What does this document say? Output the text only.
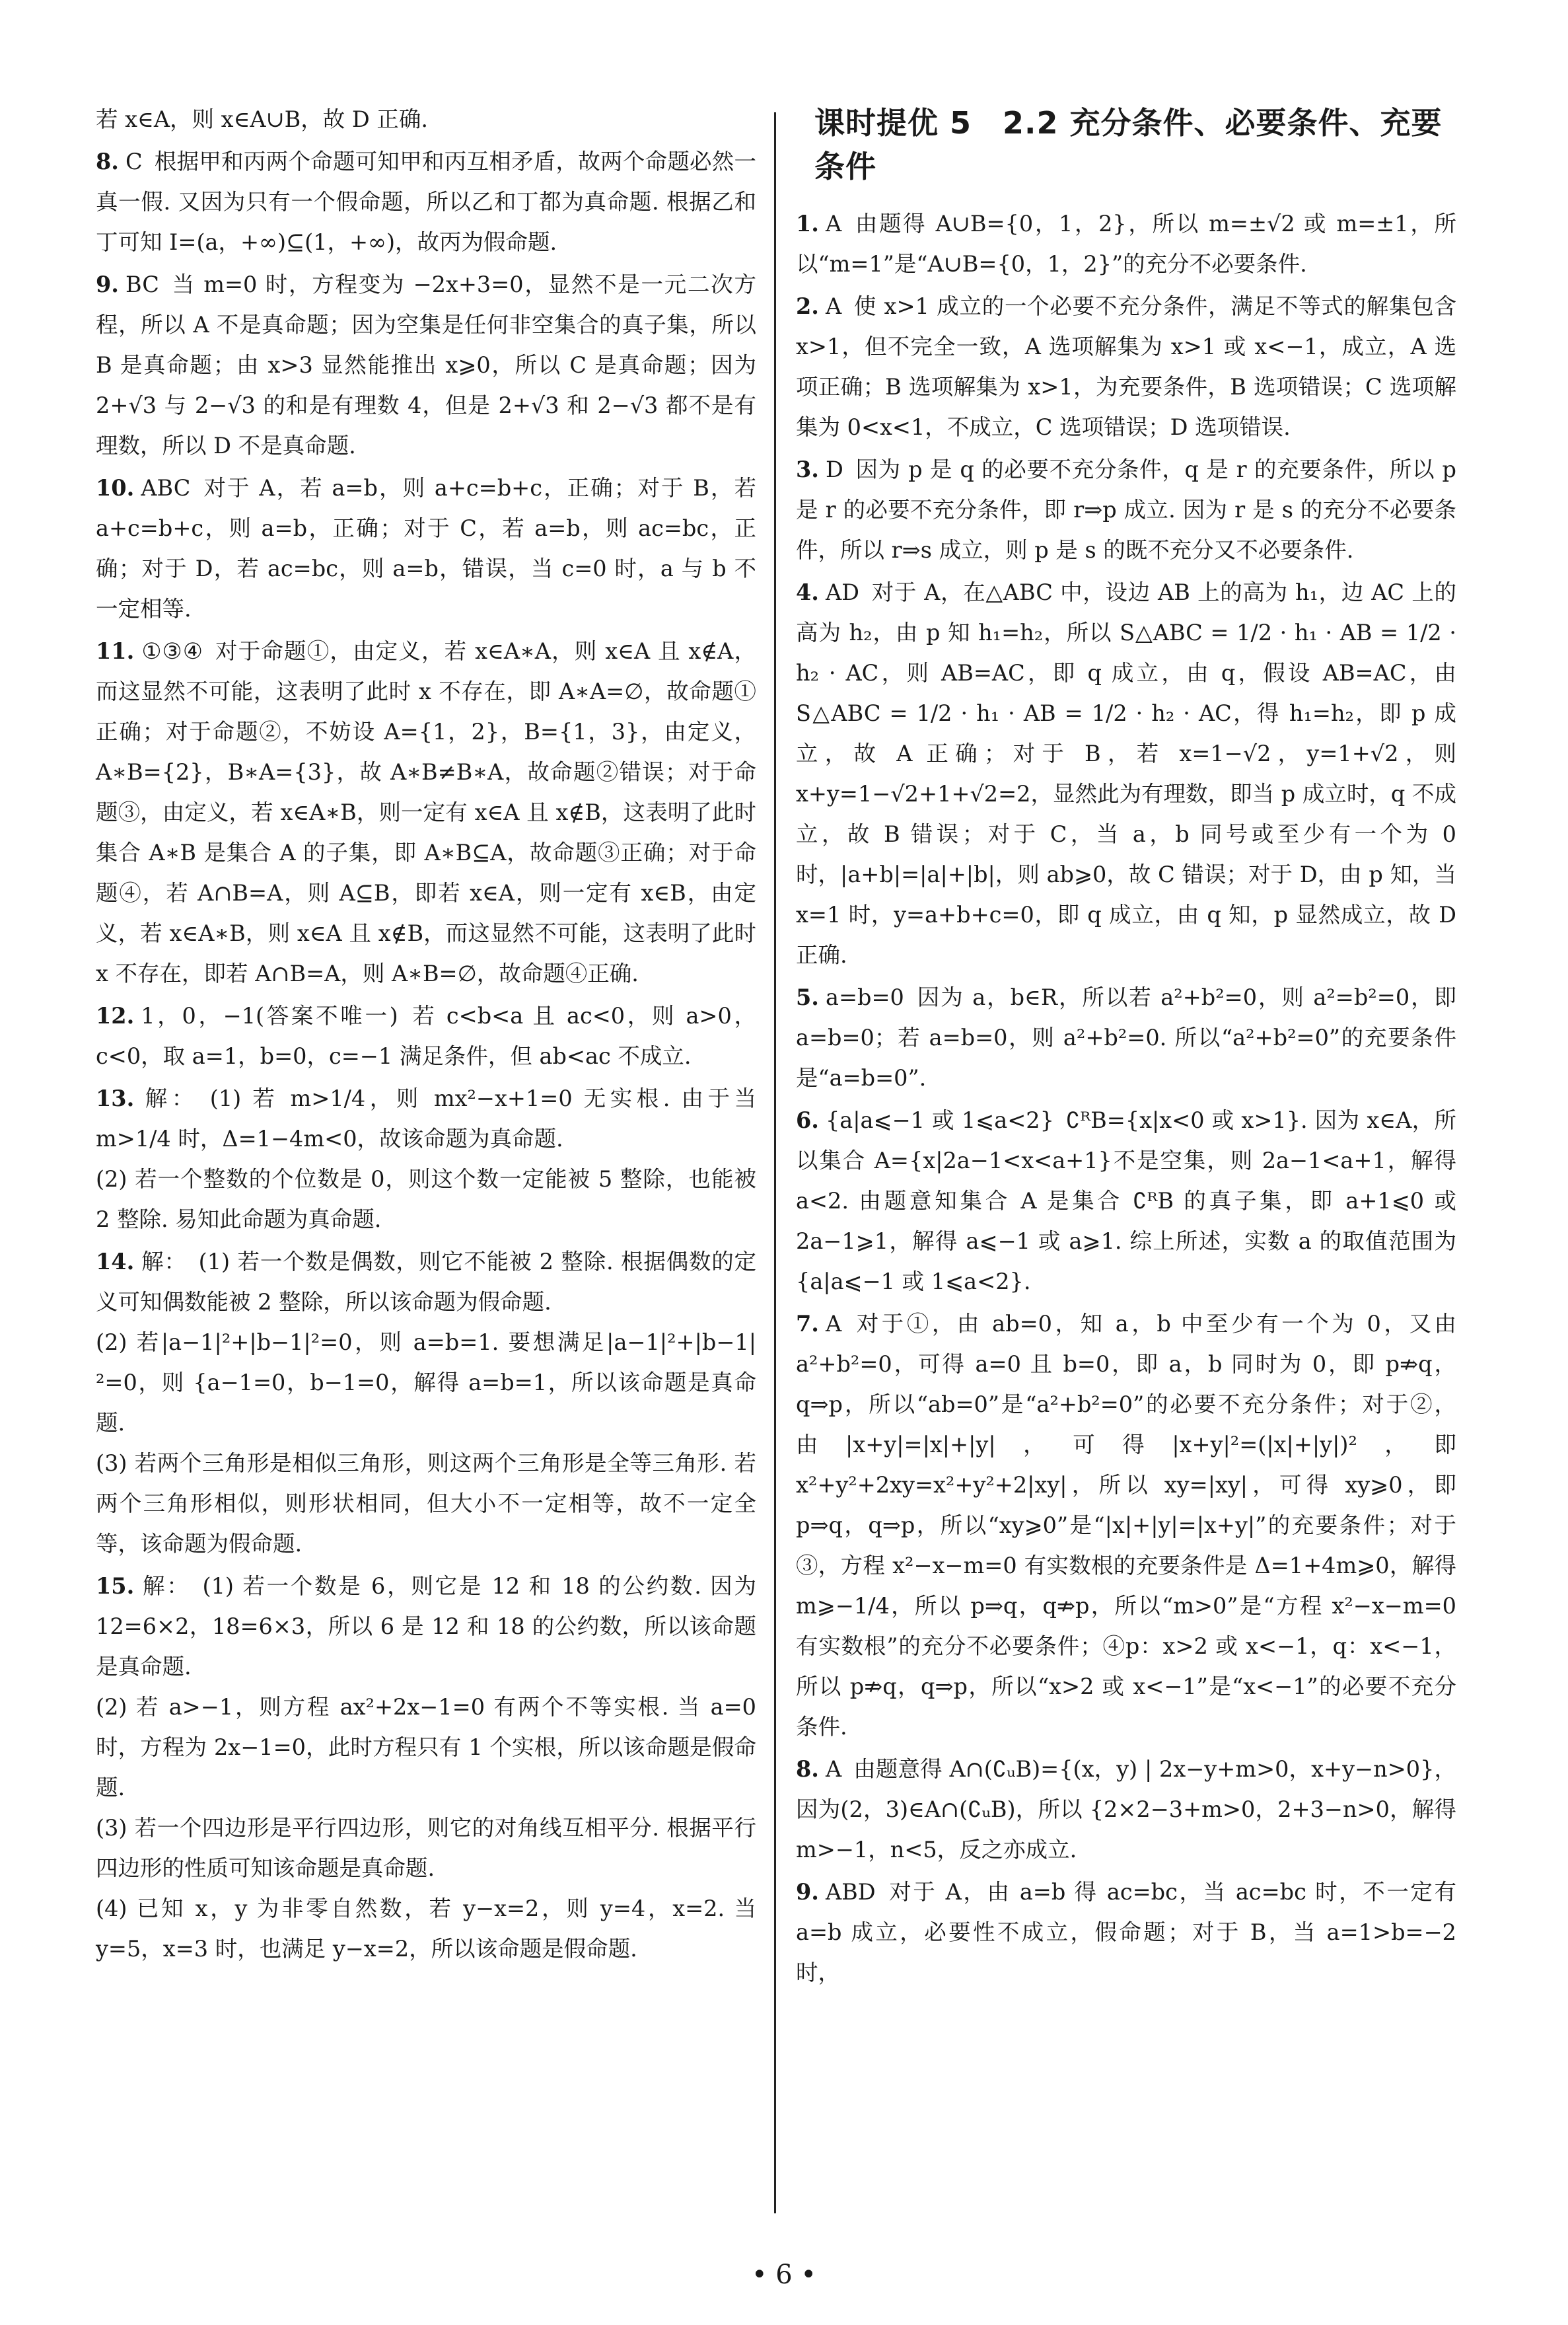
若 x∈A，则 x∈A∪B，故 D 正确.

8. C 根据甲和丙两个命题可知甲和丙互相矛盾，故两个命题必然一真一假. 又因为只有一个假命题，所以乙和丁都为真命题. 根据乙和丁可知 I=(a，+∞)⊆(1，+∞)，故丙为假命题.

9. BC 当 m=0 时，方程变为 −2x+3=0，显然不是一元二次方程，所以 A 不是真命题；因为空集是任何非空集合的真子集，所以 B 是真命题；由 x>3 显然能推出 x⩾0，所以 C 是真命题；因为 2+√3 与 2−√3 的和是有理数 4，但是 2+√3 和 2−√3 都不是有理数，所以 D 不是真命题.

10. ABC 对于 A，若 a=b，则 a+c=b+c，正确；对于 B，若 a+c=b+c，则 a=b，正确；对于 C，若 a=b，则 ac=bc，正确；对于 D，若 ac=bc，则 a=b，错误，当 c=0 时，a 与 b 不一定相等.

11. ①③④ 对于命题①，由定义，若 x∈A∗A，则 x∈A 且 x∉A，而这显然不可能，这表明了此时 x 不存在，即 A∗A=∅，故命题①正确；对于命题②，不妨设 A={1，2}，B={1，3}，由定义，A∗B={2}，B∗A={3}，故 A∗B≠B∗A，故命题②错误；对于命题③，由定义，若 x∈A∗B，则一定有 x∈A 且 x∉B，这表明了此时集合 A∗B 是集合 A 的子集，即 A∗B⊆A，故命题③正确；对于命题④，若 A∩B=A，则 A⊆B，即若 x∈A，则一定有 x∈B，由定义，若 x∈A∗B，则 x∈A 且 x∉B，而这显然不可能，这表明了此时 x 不存在，即若 A∩B=A，则 A∗B=∅，故命题④正确.

12. 1，0，−1(答案不唯一) 若 c<b<a 且 ac<0，则 a>0，c<0，取 a=1，b=0，c=−1 满足条件，但 ab<ac 不成立.

13. 解： (1) 若 m>1/4，则 mx²−x+1=0 无实根. 由于当 m>1/4 时，Δ=1−4m<0，故该命题为真命题.

(2) 若一个整数的个位数是 0，则这个数一定能被 5 整除，也能被 2 整除. 易知此命题为真命题.

14. 解： (1) 若一个数是偶数，则它不能被 2 整除. 根据偶数的定义可知偶数能被 2 整除，所以该命题为假命题.

(2) 若|a−1|²+|b−1|²=0，则 a=b=1. 要想满足|a−1|²+|b−1|²=0，则 {a−1=0，b−1=0，解得 a=b=1，所以该命题是真命题.

(3) 若两个三角形是相似三角形，则这两个三角形是全等三角形. 若两个三角形相似，则形状相同，但大小不一定相等，故不一定全等，该命题为假命题.

15. 解： (1) 若一个数是 6，则它是 12 和 18 的公约数. 因为 12=6×2，18=6×3，所以 6 是 12 和 18 的公约数，所以该命题是真命题.

(2) 若 a>−1，则方程 ax²+2x−1=0 有两个不等实根. 当 a=0 时，方程为 2x−1=0，此时方程只有 1 个实根，所以该命题是假命题.

(3) 若一个四边形是平行四边形，则它的对角线互相平分. 根据平行四边形的性质可知该命题是真命题.

(4) 已知 x，y 为非零自然数，若 y−x=2，则 y=4，x=2. 当 y=5，x=3 时，也满足 y−x=2，所以该命题是假命题.

课时提优 5　2.2 充分条件、必要条件、充要条件

1. A 由题得 A∪B={0，1，2}，所以 m=±√2 或 m=±1，所以“m=1”是“A∪B={0，1，2}”的充分不必要条件.

2. A 使 x>1 成立的一个必要不充分条件，满足不等式的解集包含 x>1，但不完全一致，A 选项解集为 x>1 或 x<−1，成立，A 选项正确；B 选项解集为 x>1，为充要条件，B 选项错误；C 选项解集为 0<x<1，不成立，C 选项错误；D 选项错误.

3. D 因为 p 是 q 的必要不充分条件，q 是 r 的充要条件，所以 p 是 r 的必要不充分条件，即 r⇒p 成立. 因为 r 是 s 的充分不必要条件，所以 r⇒s 成立，则 p 是 s 的既不充分又不必要条件.

4. AD 对于 A，在△ABC 中，设边 AB 上的高为 h₁，边 AC 上的高为 h₂，由 p 知 h₁=h₂，所以 S△ABC = 1/2 · h₁ · AB = 1/2 · h₂ · AC，则 AB=AC，即 q 成立，由 q，假设 AB=AC，由 S△ABC = 1/2 · h₁ · AB = 1/2 · h₂ · AC，得 h₁=h₂，即 p 成立，故 A 正确；对于 B，若 x=1−√2，y=1+√2，则 x+y=1−√2+1+√2=2，显然此为有理数，即当 p 成立时，q 不成立，故 B 错误；对于 C，当 a，b 同号或至少有一个为 0 时，|a+b|=|a|+|b|，则 ab⩾0，故 C 错误；对于 D，由 p 知，当 x=1 时，y=a+b+c=0，即 q 成立，由 q 知，p 显然成立，故 D 正确.

5. a=b=0 因为 a，b∈R，所以若 a²+b²=0，则 a²=b²=0，即 a=b=0；若 a=b=0，则 a²+b²=0. 所以“a²+b²=0”的充要条件是“a=b=0”.

6. {a|a⩽−1 或 1⩽a<2} ∁ᴿB={x|x<0 或 x>1}. 因为 x∈A，所以集合 A={x|2a−1<x<a+1}不是空集，则 2a−1<a+1，解得 a<2. 由题意知集合 A 是集合 ∁ᴿB 的真子集，即 a+1⩽0 或 2a−1⩾1，解得 a⩽−1 或 a⩾1. 综上所述，实数 a 的取值范围为{a|a⩽−1 或 1⩽a<2}.

7. A 对于①，由 ab=0，知 a，b 中至少有一个为 0，又由 a²+b²=0，可得 a=0 且 b=0，即 a，b 同时为 0，即 p⇏q，q⇒p，所以“ab=0”是“a²+b²=0”的必要不充分条件；对于②，由|x+y|=|x|+|y|，可得|x+y|²=(|x|+|y|)²，即 x²+y²+2xy=x²+y²+2|xy|，所以 xy=|xy|，可得 xy⩾0，即 p⇒q，q⇒p，所以“xy⩾0”是“|x|+|y|=|x+y|”的充要条件；对于③，方程 x²−x−m=0 有实数根的充要条件是 Δ=1+4m⩾0，解得 m⩾−1/4，所以 p⇒q，q⇏p，所以“m>0”是“方程 x²−x−m=0 有实数根”的充分不必要条件；④p：x>2 或 x<−1，q：x<−1，所以 p⇏q，q⇒p，所以“x>2 或 x<−1”是“x<−1”的必要不充分条件.

8. A 由题意得 A∩(∁ᵤB)={(x，y) | 2x−y+m>0，x+y−n>0}，因为(2，3)∈A∩(∁ᵤB)，所以 {2×2−3+m>0，2+3−n>0，解得 m>−1，n<5，反之亦成立.

9. ABD 对于 A，由 a=b 得 ac=bc，当 ac=bc 时，不一定有 a=b 成立，必要性不成立，假命题；对于 B，当 a=1>b=−2 时，

• 6 •
